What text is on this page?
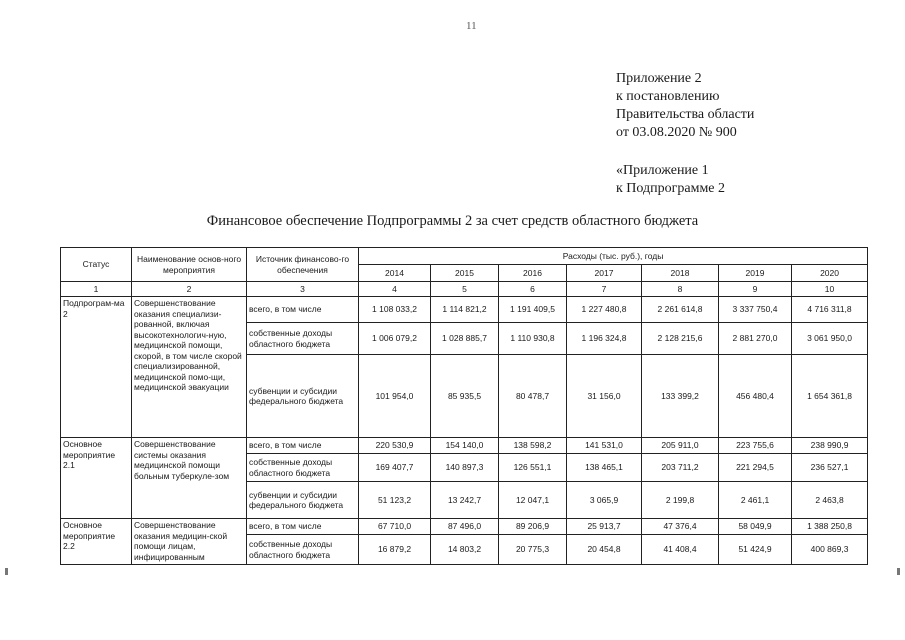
11
Приложение 2
к постановлению
Правительства области
от 03.08.2020 № 900
«Приложение 1
к Подпрограмме 2
Финансовое обеспечение Подпрограммы 2 за счет средств областного бюджета
Статус	Наименование основ-ного мероприятия	Источник финансово-го обеспечения	Расходы (тыс. руб.), годы						
			2014	2015	2016	2017	2018	2019	2020
1	2	3	4	5	6	7	8	9	10
Подпрограм-ма 2	Совершенствование оказания специализи-рованной, включая высокотехнологич-ную, медицинской помощи, скорой, в том числе скорой специализированной, медицинской помо-щи, медицинской эвакуации	всего, в том числе	1 108 033,2	1 114 821,2	1 191 409,5	1 227 480,8	2 261 614,8	3 337 750,4	4 716 311,8
		собственные доходы областного бюджета	1 006 079,2	1 028 885,7	1 110 930,8	1 196 324,8	2 128 215,6	2 881 270,0	3 061 950,0
		субвенции и субсидии федерального бюджета	101 954,0	85 935,5	80 478,7	31 156,0	133 399,2	456 480,4	1 654 361,8
Основное мероприятие 2.1	Совершенствование системы оказания медицинской помощи больным туберкуле-зом	всего, в том числе	220 530,9	154 140,0	138 598,2	141 531,0	205 911,0	223 755,6	238 990,9
		собственные доходы областного бюджета	169 407,7	140 897,3	126 551,1	138 465,1	203 711,2	221 294,5	236 527,1
		субвенции и субсидии федерального бюджета	51 123,2	13 242,7	12 047,1	3 065,9	2 199,8	2 461,1	2 463,8
Основное мероприятие 2.2	Совершенствование оказания медицин-ской помощи лицам, инфицированным	всего, в том числе	67 710,0	87 496,0	89 206,9	25 913,7	47 376,4	58 049,9	1 388 250,8
		собственные доходы областного бюджета	16 879,2	14 803,2	20 775,3	20 454,8	41 408,4	51 424,9	400 869,3
